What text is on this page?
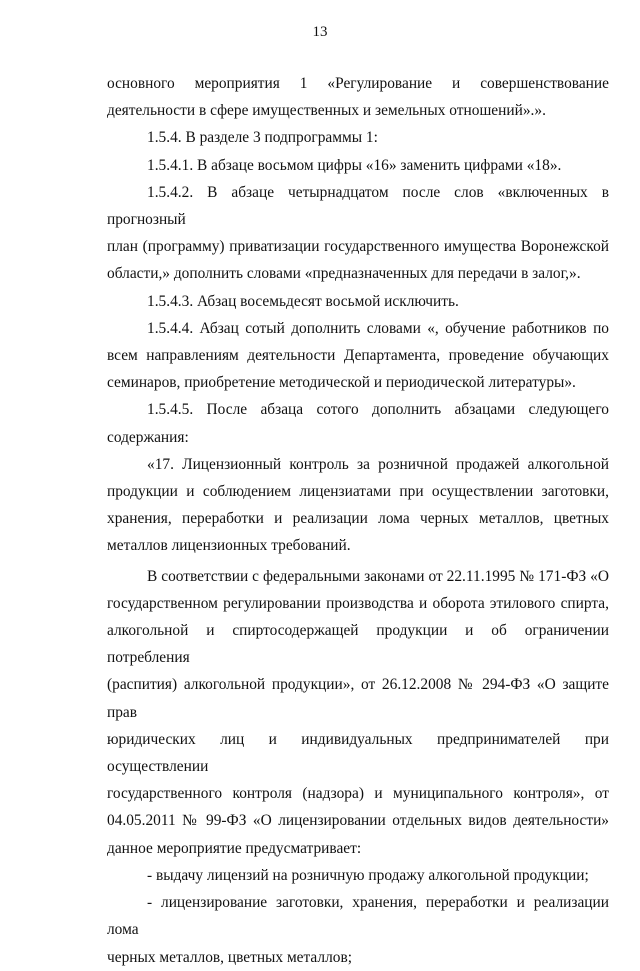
13

основного мероприятия 1 «Регулирование и совершенствование

деятельности в сфере имущественных и земельных отношений».».

1.5.4. В разделе 3 подпрограммы 1:

1.5.4.1. В абзаце восьмом цифры «16» заменить цифрами «18».

1.5.4.2. В абзаце четырнадцатом после слов «включенных в прогнозный

план (программу) приватизации государственного имущества Воронежской

области,» дополнить словами «предназначенных для передачи в залог,».

1.5.4.3. Абзац восемьдесят восьмой исключить.

1.5.4.4. Абзац сотый дополнить словами «, обучение работников по

всем направлениям деятельности Департамента, проведение обучающих

семинаров, приобретение методической и периодической литературы».

1.5.4.5. После абзаца сотого дополнить абзацами следующего

содержания:

«17. Лицензионный контроль за розничной продажей алкогольной

продукции и соблюдением лицензиатами при осуществлении заготовки,

хранения, переработки и реализации лома черных металлов, цветных

металлов лицензионных требований.

В соответствии с федеральными законами от 22.11.1995 № 171-ФЗ «О

государственном регулировании производства и оборота этилового спирта,

алкогольной и спиртосодержащей продукции и об ограничении потребления

(распития) алкогольной продукции», от 26.12.2008 № 294-ФЗ «О защите прав

юридических лиц и индивидуальных предпринимателей при осуществлении

государственного контроля (надзора) и муниципального контроля», от

04.05.2011 № 99-ФЗ «О лицензировании отдельных видов деятельности»

данное мероприятие предусматривает:

- выдачу лицензий на розничную продажу алкогольной продукции;

- лицензирование заготовки, хранения, переработки и реализации лома

черных металлов, цветных металлов;
